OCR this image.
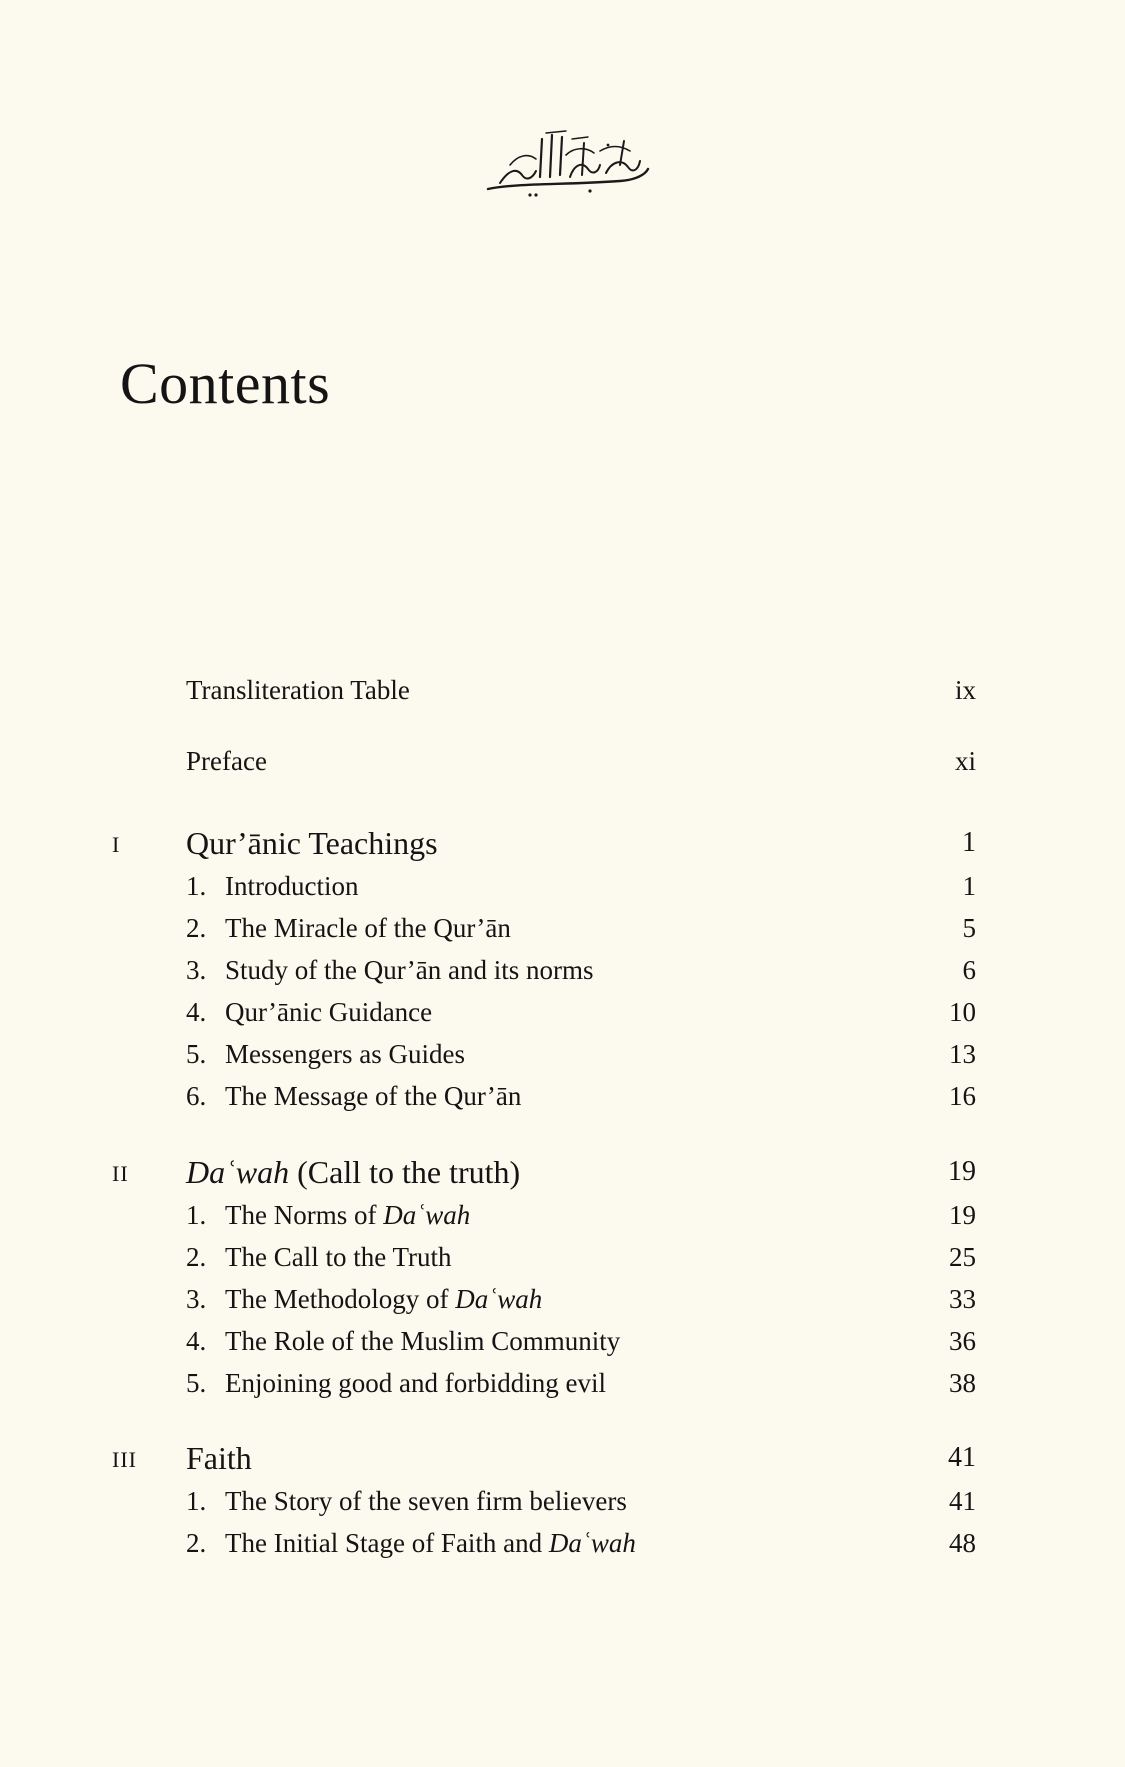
Contents
Transliteration Table	ix
Preface	xi
I Qur’ānic Teachings	1
1. Introduction	1
2. The Miracle of the Qur’ān	5
3. Study of the Qur’ān and its norms	6
4. Qur’ānic Guidance	10
5. Messengers as Guides	13
6. The Message of the Qur’ān	16
II Daʿwah (Call to the truth)	19
1. The Norms of Daʿwah	19
2. The Call to the Truth	25
3. The Methodology of Daʿwah	33
4. The Role of the Muslim Community	36
5. Enjoining good and forbidding evil	38
III Faith	41
1. The Story of the seven firm believers	41
2. The Initial Stage of Faith and Daʿwah	48
